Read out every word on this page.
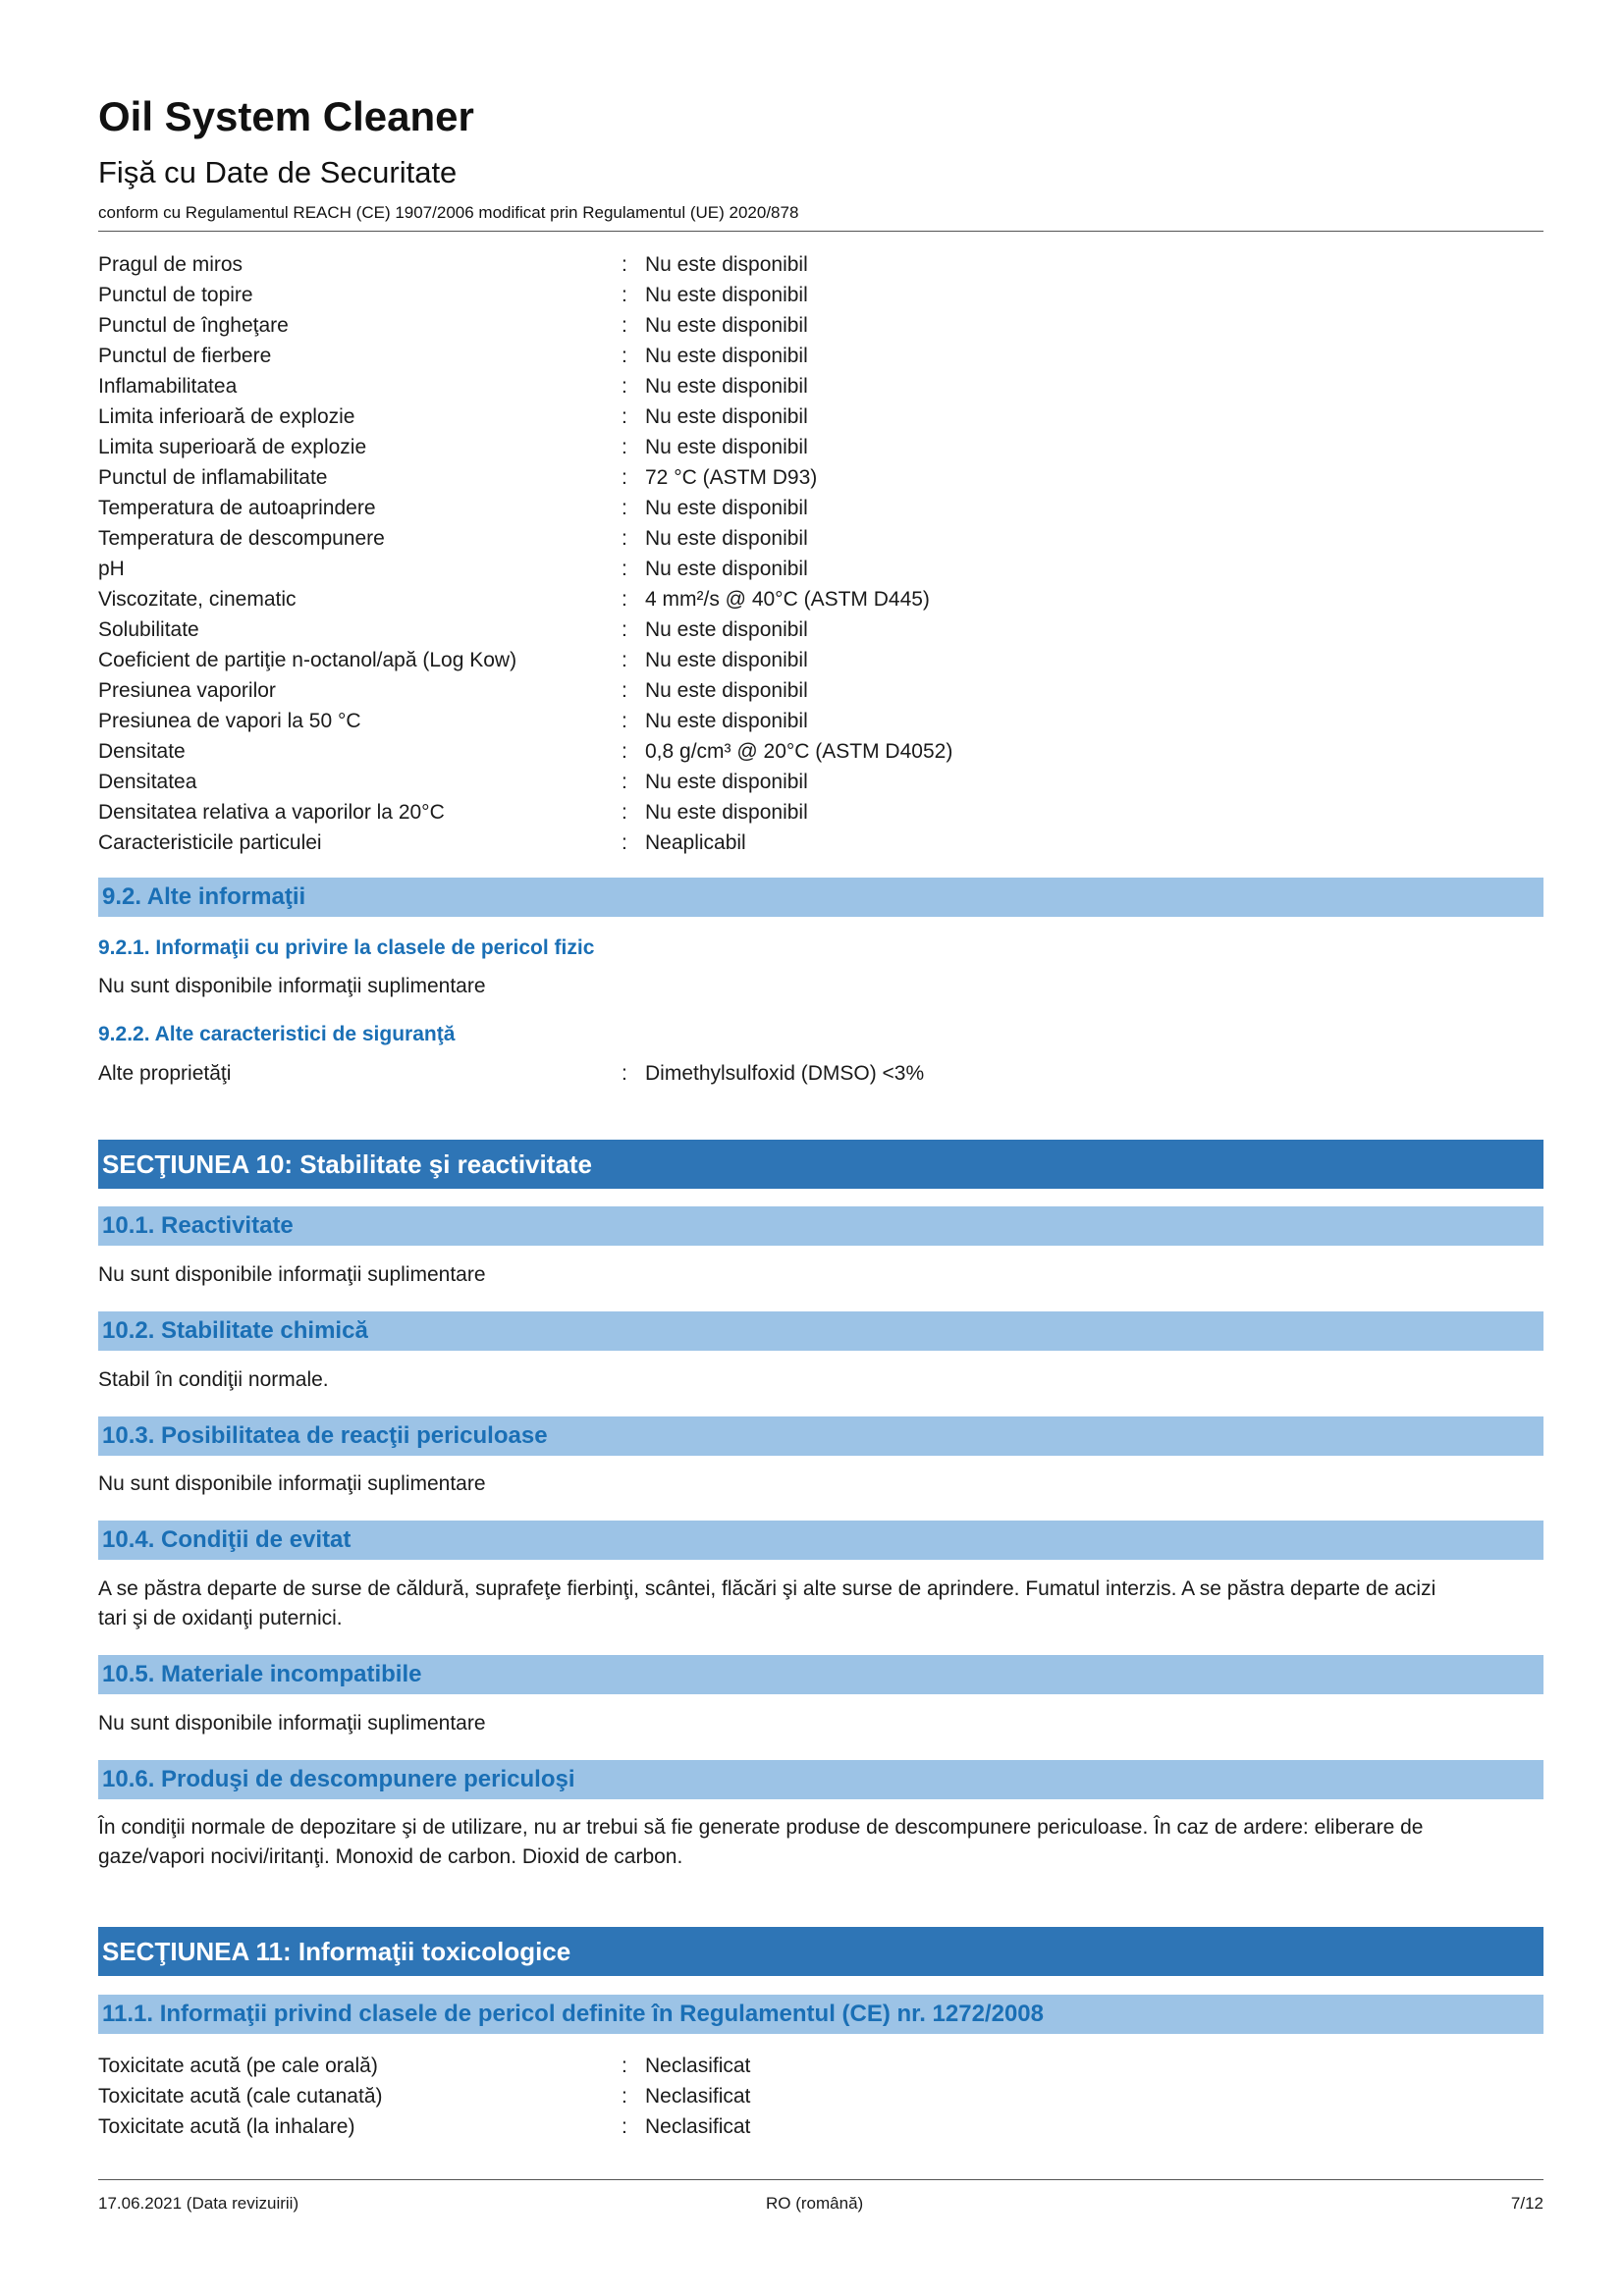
Oil System Cleaner
Fişă cu Date de Securitate
conform cu Regulamentul REACH (CE) 1907/2006 modificat prin Regulamentul (UE) 2020/878
Pragul de miros	: Nu este disponibil
Punctul de topire	: Nu este disponibil
Punctul de îngheţare	: Nu este disponibil
Punctul de fierbere	: Nu este disponibil
Inflamabilitatea	: Nu este disponibil
Limita inferioară de explozie	: Nu este disponibil
Limita superioară de explozie	: Nu este disponibil
Punctul de inflamabilitate	: 72 °C (ASTM D93)
Temperatura de autoaprindere	: Nu este disponibil
Temperatura de descompunere	: Nu este disponibil
pH	: Nu este disponibil
Viscozitate, cinematic	: 4 mm²/s @ 40°C (ASTM D445)
Solubilitate	: Nu este disponibil
Coeficient de partiţie n-octanol/apă (Log Kow)	: Nu este disponibil
Presiunea vaporilor	: Nu este disponibil
Presiunea de vapori la 50 °C	: Nu este disponibil
Densitate	: 0,8 g/cm³ @ 20°C (ASTM D4052)
Densitatea	: Nu este disponibil
Densitatea relativa a vaporilor la 20°C	: Nu este disponibil
Caracteristicile particulei	: Neaplicabil
9.2. Alte informaţii
9.2.1. Informaţii cu privire la clasele de pericol fizic
Nu sunt disponibile informaţii suplimentare
9.2.2. Alte caracteristici de siguranţă
Alte proprietăţi	: Dimethylsulfoxid (DMSO) <3%
SECŢIUNEA 10: Stabilitate şi reactivitate
10.1. Reactivitate
Nu sunt disponibile informaţii suplimentare
10.2. Stabilitate chimică
Stabil în condiţii normale.
10.3. Posibilitatea de reacţii periculoase
Nu sunt disponibile informaţii suplimentare
10.4. Condiţii de evitat
A se păstra departe de surse de căldură, suprafeţe fierbinţi, scântei, flăcări şi alte surse de aprindere. Fumatul interzis. A se păstra departe de acizi
tari şi de oxidanţi puternici.
10.5. Materiale incompatibile
Nu sunt disponibile informaţii suplimentare
10.6. Produşi de descompunere periculoşi
În condiţii normale de depozitare şi de utilizare, nu ar trebui să fie generate produse de descompunere periculoase. În caz de ardere: eliberare de
gaze/vapori nocivi/iritanţi. Monoxid de carbon. Dioxid de carbon.
SECŢIUNEA 11: Informaţii toxicologice
11.1. Informaţii privind clasele de pericol definite în Regulamentul (CE) nr. 1272/2008
Toxicitate acută (pe cale orală)	: Neclasificat
Toxicitate acută (cale cutanată)	: Neclasificat
Toxicitate acută (la inhalare)	: Neclasificat
17.06.2021 (Data revizuirii)	RO (română)	7/12
